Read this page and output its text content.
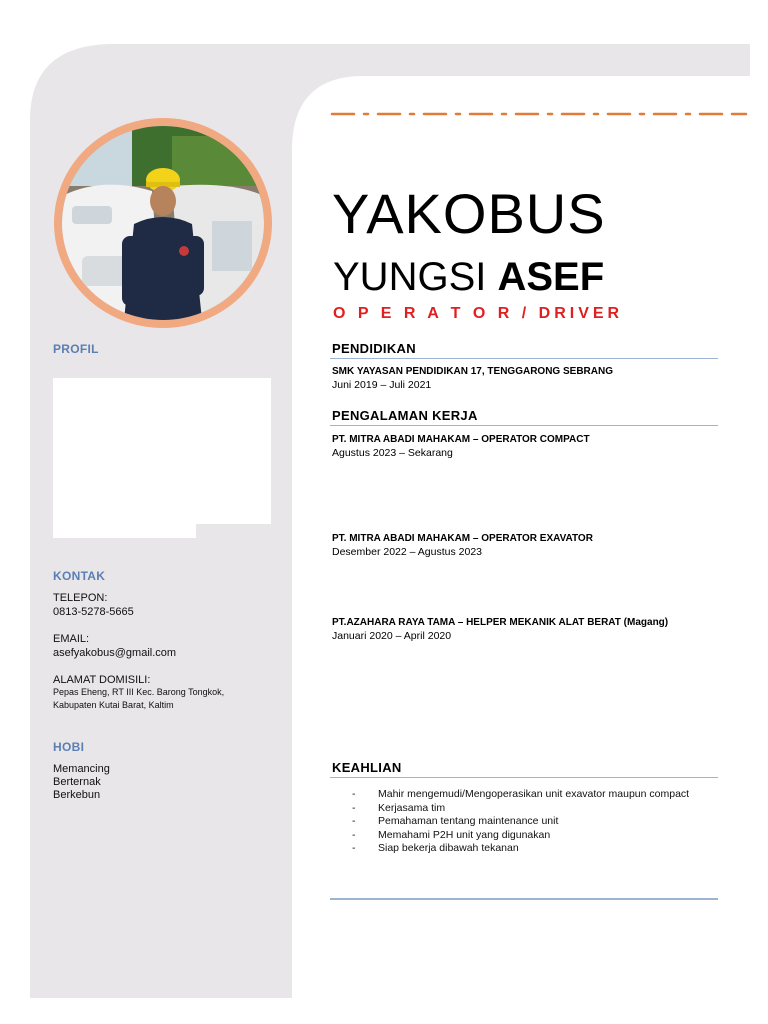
PROFIL
KONTAK
TELEPON:
0813-5278-5665
EMAIL:
asefyakobus@gmail.com
ALAMAT DOMISILI:
Pepas Eheng, RT III Kec. Barong Tongkok,
Kabupaten Kutai Barat, Kaltim
HOBI
Memancing
Berternak
Berkebun
YAKOBUS
YUNGSI ASEF
O P E R A T O R / DRIVER
PENDIDIKAN
SMK YAYASAN PENDIDIKAN 17, TENGGARONG SEBRANG
Juni 2019 – Juli 2021
PENGALAMAN KERJA
PT. MITRA ABADI MAHAKAM – OPERATOR COMPACT
Agustus 2023 – Sekarang
PT. MITRA ABADI MAHAKAM – OPERATOR EXAVATOR
Desember 2022 – Agustus 2023
PT.AZAHARA RAYA TAMA – HELPER MEKANIK ALAT BERAT (Magang)
Januari 2020 – April 2020
KEAHLIAN
- Mahir mengemudi/Mengoperasikan unit exavator maupun compact
- Kerjasama tim
- Pemahaman tentang maintenance unit
- Memahami P2H unit yang digunakan
- Siap bekerja dibawah tekanan
